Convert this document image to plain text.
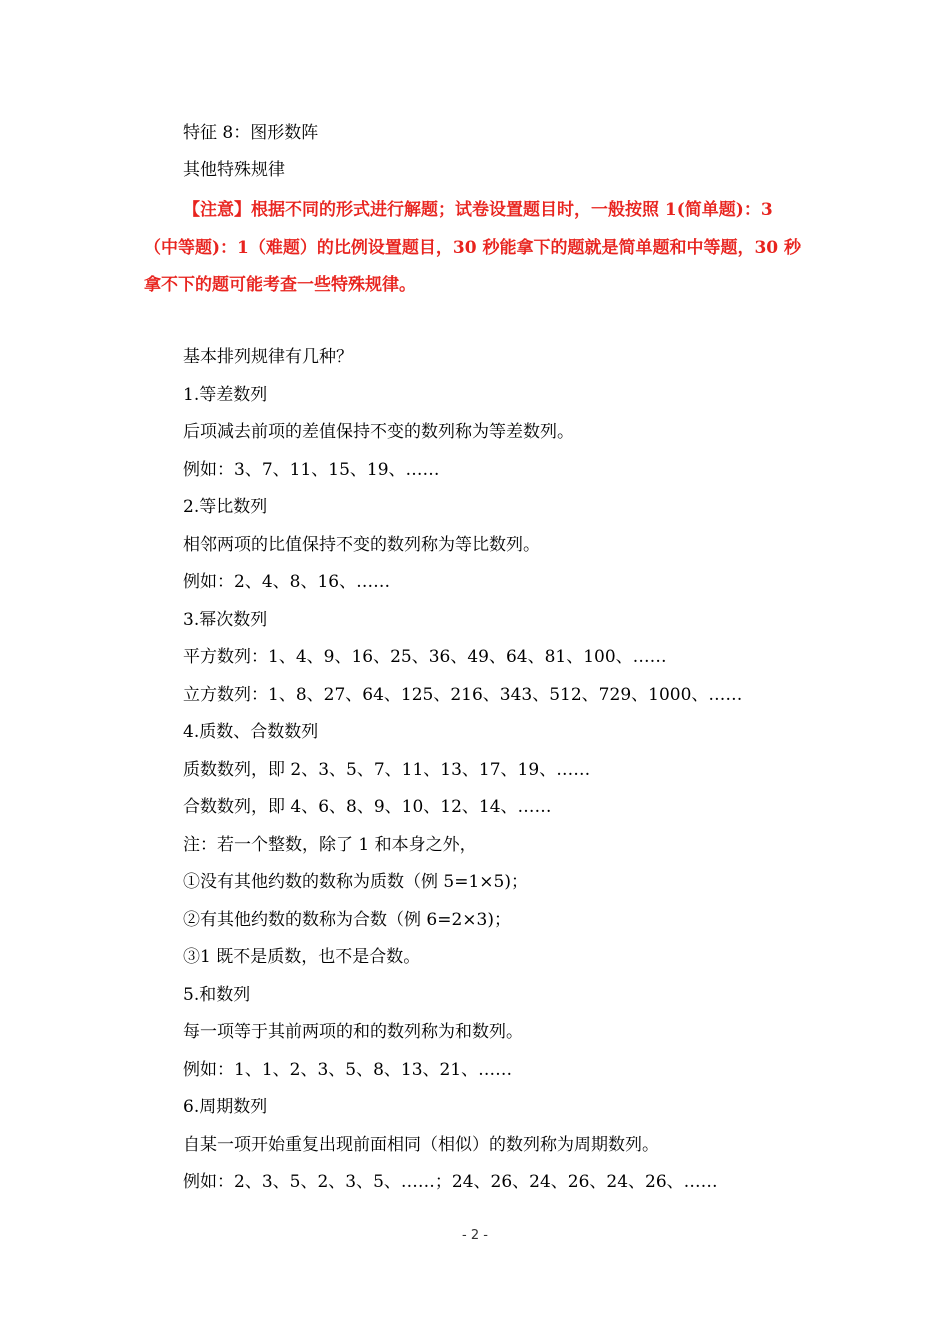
特征 8：图形数阵
其他特殊规律
【注意】根据不同的形式进行解题；试卷设置题目时，一般按照 1(简单题)：3（中等题)：1（难题）的比例设置题目，30 秒能拿下的题就是简单题和中等题，30 秒拿不下的题可能考查一些特殊规律。
基本排列规律有几种？
1.等差数列
后项减去前项的差值保持不变的数列称为等差数列。
例如：3、7、11、15、19、……
2.等比数列
相邻两项的比值保持不变的数列称为等比数列。
例如：2、4、8、16、……
3.幂次数列
平方数列：1、4、9、16、25、36、49、64、81、100、……
立方数列：1、8、27、64、125、216、343、512、729、1000、……
4.质数、合数数列
质数数列，即 2、3、5、7、11、13、17、19、……
合数数列，即 4、6、8、9、10、12、14、……
注：若一个整数，除了 1 和本身之外，
①没有其他约数的数称为质数（例 5=1×5)；
②有其他约数的数称为合数（例 6=2×3)；
③1 既不是质数，也不是合数。
5.和数列
每一项等于其前两项的和的数列称为和数列。
例如：1、1、2、3、5、8、13、21、……
6.周期数列
自某一项开始重复出现前面相同（相似）的数列称为周期数列。
例如：2、3、5、2、3、5、……；24、26、24、26、24、26、……
- 2 -
